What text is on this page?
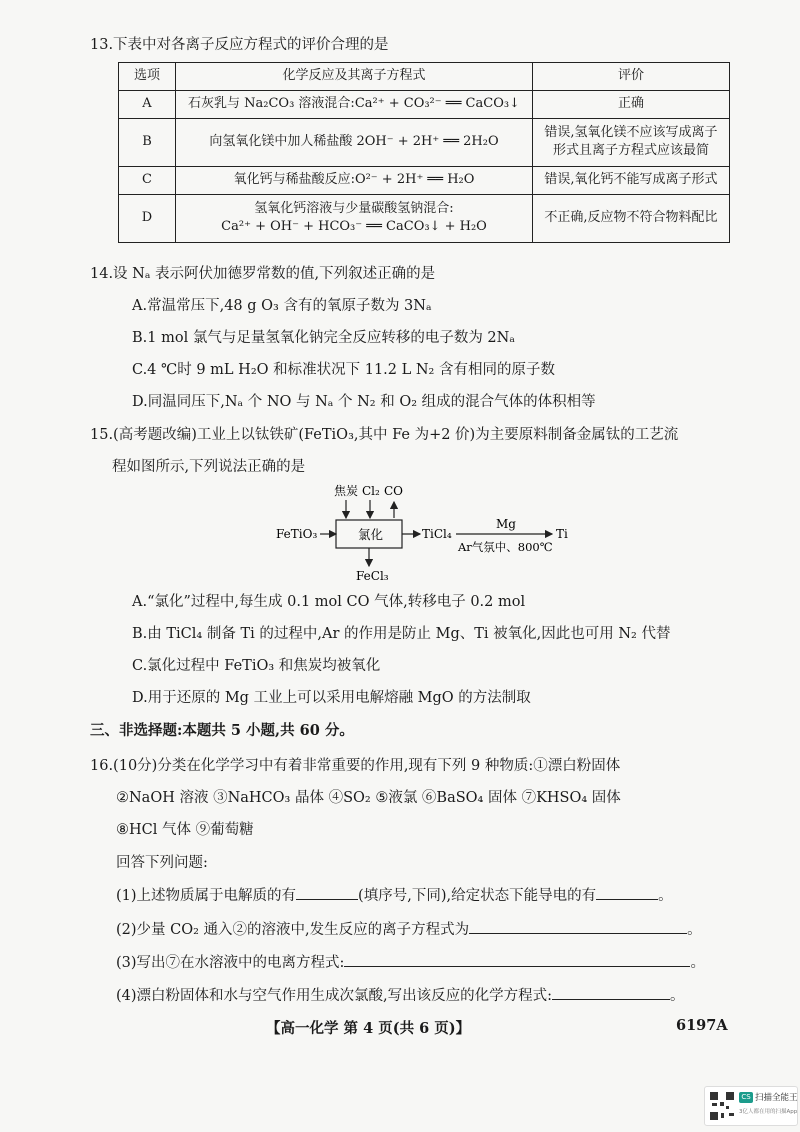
13.下表中对各离子反应方程式的评价合理的是
选项	化学反应及其离子方程式	评价
A	石灰乳与 Na₂CO₃ 溶液混合:Ca²⁺ + CO₃²⁻ ══ CaCO₃↓	正确
B	向氢氧化镁中加人稀盐酸 2OH⁻ + 2H⁺ ══ 2H₂O	错误,氢氧化镁不应该写成离子
形式且离子方程式应该最简

C	氧化钙与稀盐酸反应:O²⁻ + 2H⁺ ══ H₂O	错误,氧化钙不能写成离子形式
D	氢氧化钙溶液与少量碳酸氢钠混合:
Ca²⁺ + OH⁻ + HCO₃⁻ ══ CaCO₃↓ + H₂O	不正确,反应物不符合物料配比
14.设 Nₐ 表示阿伏加德罗常数的值,下列叙述正确的是
A.常温常压下,48 g O₃ 含有的氧原子数为 3Nₐ
B.1 mol 氯气与足量氢氧化钠完全反应转移的电子数为 2Nₐ
C.4 ℃时 9 mL H₂O 和标准状况下 11.2 L N₂ 含有相同的原子数
D.同温同压下,Nₐ 个 NO 与 Nₐ 个 N₂ 和 O₂ 组成的混合气体的体积相等
15.(高考题改编)工业上以钛铁矿(FeTiO₃,其中 Fe 为+2 价)为主要原料制备金属钛的工艺流
程如图所示,下列说法正确的是
焦炭 Cl₂ CO
FeTiO₃	氯化	TiCl₄
Mg
Ar气氛中、800℃
Ti
FeCl₃
A.“氯化”过程中,每生成 0.1 mol CO 气体,转移电子 0.2 mol
B.由 TiCl₄ 制备 Ti 的过程中,Ar 的作用是防止 Mg、Ti 被氧化,因此也可用 N₂ 代替
C.氯化过程中 FeTiO₃ 和焦炭均被氧化
D.用于还原的 Mg 工业上可以采用电解熔融 MgO 的方法制取
三、非选择题:本题共 5 小题,共 60 分。
16.(10分)分类在化学学习中有着非常重要的作用,现有下列 9 种物质:①漂白粉固体
②NaOH 溶液 ③NaHCO₃ 晶体 ④SO₂ ⑤液氯 ⑥BaSO₄ 固体 ⑦KHSO₄ 固体
⑧HCl 气体 ⑨葡萄糖
回答下列问题:
(1)上述物质属于电解质的有	(填序号,下同),给定状态下能导电的有	。
(2)少量 CO₂ 通入②的溶液中,发生反应的离子方程式为	。
(3)写出⑦在水溶液中的电离方程式:	。
(4)漂白粉固体和水与空气作用生成次氯酸,写出该反应的化学方程式:	。
【高一化学 第 4 页(共 6 页)】	6197A
CS 扫描全能王
3亿人都在用的扫描App
